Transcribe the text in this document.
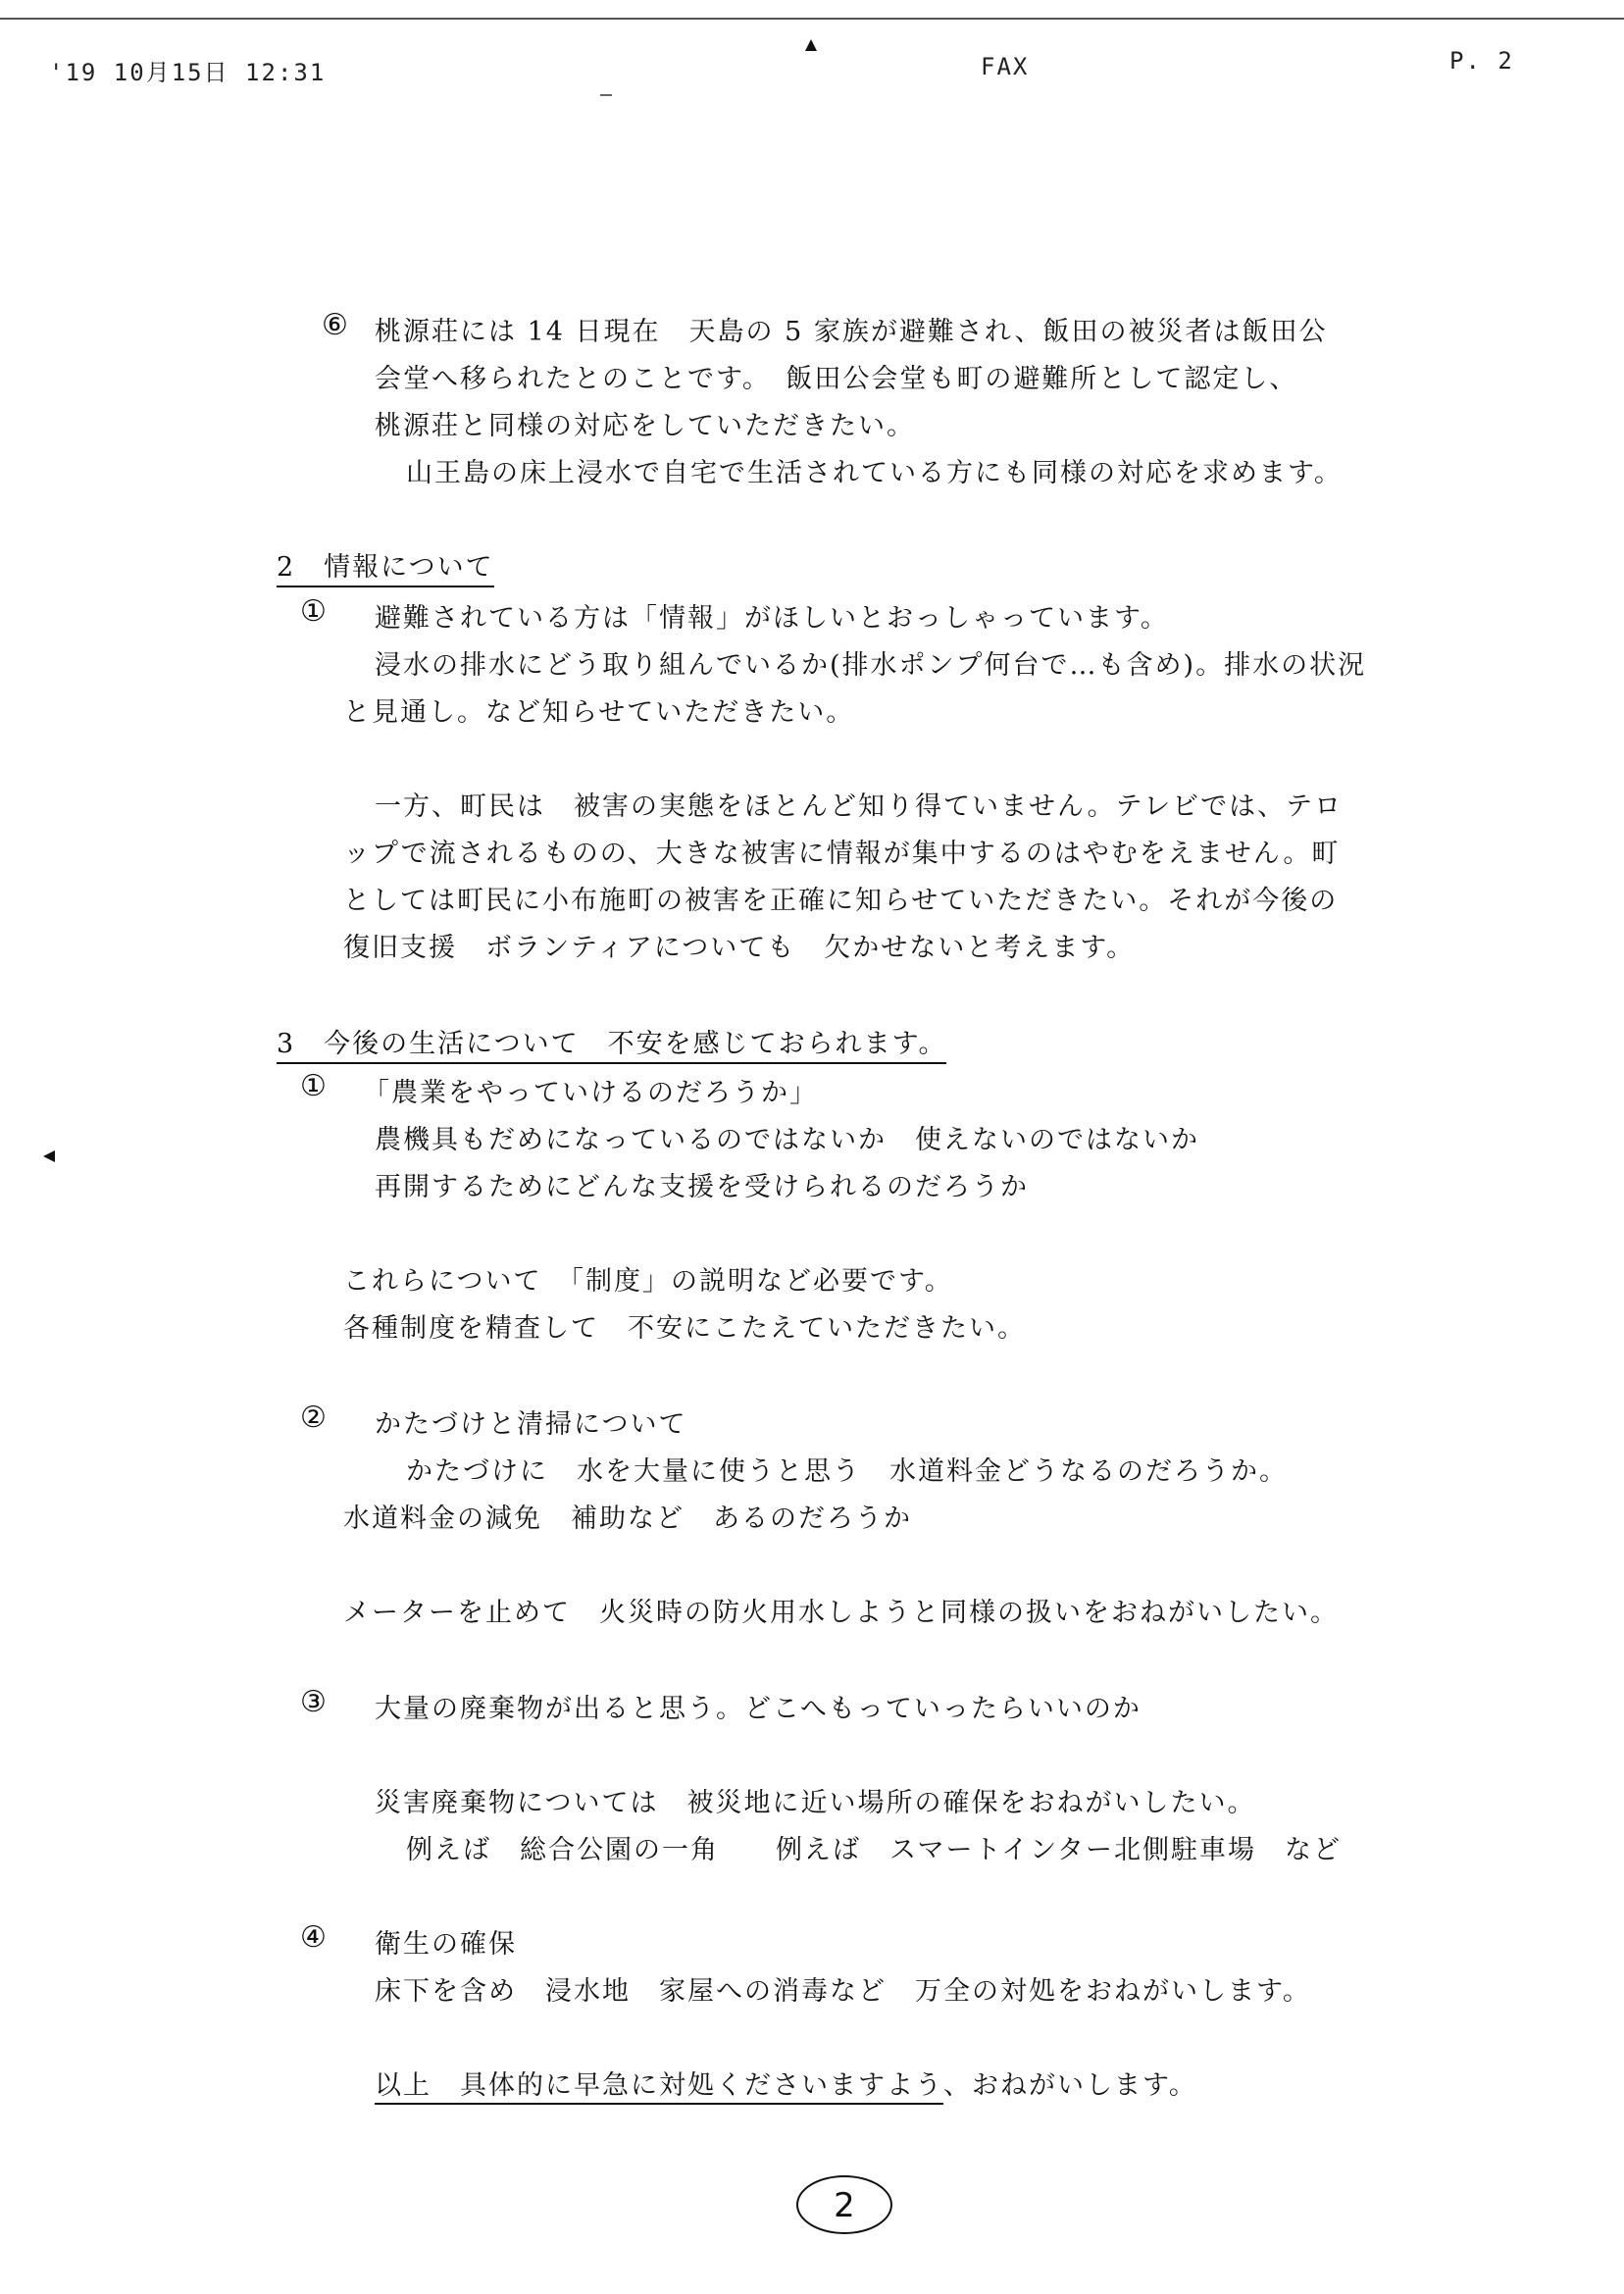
'19 10月15日 12:31	FAX	P. 2
⑥ 桃源荘には 14 日現在　天島の 5 家族が避難され、飯田の被災者は飯田公
会堂へ移られたとのことです。　飯田公会堂も町の避難所として認定し、
桃源荘と同様の対応をしていただきたい。
山王島の床上浸水で自宅で生活されている方にも同様の対応を求めます。
2　情報について
① 避難されている方は「情報」がほしいとおっしゃっています。
浸水の排水にどう取り組んでいるか(排水ポンプ何台で…も含め)。排水の状況
と見通し。など知らせていただきたい。
一方、町民は　被害の実態をほとんど知り得ていません。テレビでは、テロ
ップで流されるものの、大きな被害に情報が集中するのはやむをえません。町
としては町民に小布施町の被害を正確に知らせていただきたい。それが今後の
復旧支援　ボランティアについても　欠かせないと考えます。
3　今後の生活について　不安を感じておられます。
① 「農業をやっていけるのだろうか」
農機具もだめになっているのではないか　使えないのではないか
再開するためにどんな支援を受けられるのだろうか
これらについて　「制度」の説明など必要です。
各種制度を精査して　不安にこたえていただきたい。
② かたづけと清掃について
かたづけに　水を大量に使うと思う　水道料金どうなるのだろうか。
水道料金の減免　補助など　あるのだろうか
メーターを止めて　火災時の防火用水しようと同様の扱いをおねがいしたい。
③ 大量の廃棄物が出ると思う。どこへもっていったらいいのか
災害廃棄物については　被災地に近い場所の確保をおねがいしたい。
例えば　総合公園の一角　　例えば　スマートインター北側駐車場　など
④ 衛生の確保
床下を含め　浸水地　家屋への消毒など　万全の対処をおねがいします。
以上　具体的に早急に対処くださいますよう、おねがいします。
2
